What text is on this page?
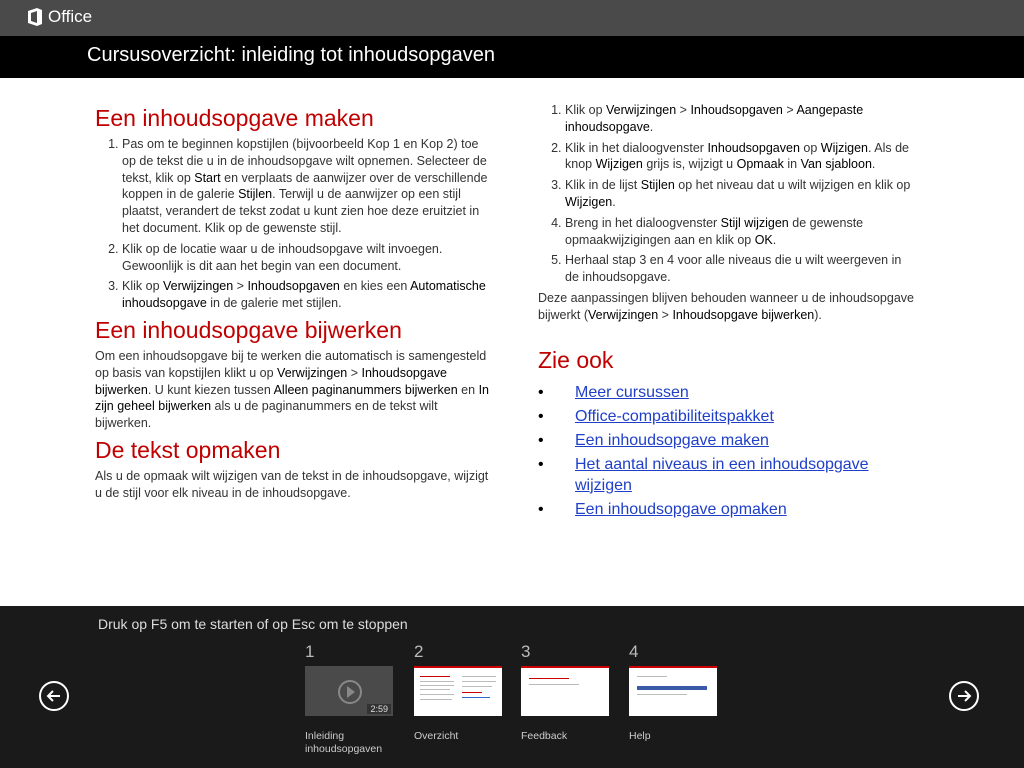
Office
Cursusoverzicht: inleiding tot inhoudsopgaven
Een inhoudsopgave maken
1. Pas om te beginnen kopstijlen (bijvoorbeeld Kop 1 en Kop 2) toe op de tekst die u in de inhoudsopgave wilt opnemen. Selecteer de tekst, klik op Start en verplaats de aanwijzer over de verschillende koppen in de galerie Stijlen. Terwijl u de aanwijzer op een stijl plaatst, verandert de tekst zodat u kunt zien hoe deze eruitziet in het document. Klik op de gewenste stijl.
2. Klik op de locatie waar u de inhoudsopgave wilt invoegen. Gewoonlijk is dit aan het begin van een document.
3. Klik op Verwijzingen > Inhoudsopgaven en kies een Automatische inhoudsopgave in de galerie met stijlen.
Een inhoudsopgave bijwerken

Om een inhoudsopgave bij te werken die automatisch is samengesteld op basis van kopstijlen klikt u op Verwijzingen > Inhoudsopgave bijwerken. U kunt kiezen tussen Alleen paginanummers bijwerken en In zijn geheel bijwerken als u de paginanummers en de tekst wilt bijwerken.

De tekst opmaken

Als u de opmaak wilt wijzigen van de tekst in de inhoudsopgave, wijzigt u de stijl voor elk niveau in de inhoudsopgave.

1. Klik op Verwijzingen > Inhoudsopgaven > Aangepaste inhoudsopgave.
2. Klik in het dialoogvenster Inhoudsopgaven op Wijzigen. Als de knop Wijzigen grijs is, wijzigt u Opmaak in Van sjabloon.
3. Klik in de lijst Stijlen op het niveau dat u wilt wijzigen en klik op Wijzigen.
4. Breng in het dialoogvenster Stijl wijzigen de gewenste opmaakwijzigingen aan en klik op OK.
5. Herhaal stap 3 en 4 voor alle niveaus die u wilt weergeven in de inhoudsopgave.

Deze aanpassingen blijven behouden wanneer u de inhoudsopgave bijwerkt (Verwijzingen > Inhoudsopgave bijwerken).

Zie ook
• Meer cursussen
• Office-compatibiliteitspakket
• Een inhoudsopgave maken
• Het aantal niveaus in een inhoudsopgave wijzigen
• Een inhoudsopgave opmaken
Druk op F5 om te starten of op Esc om te stoppen
1
2:59
Inleiding inhoudsopgaven
2
Overzicht
3
Feedback
4
Help
